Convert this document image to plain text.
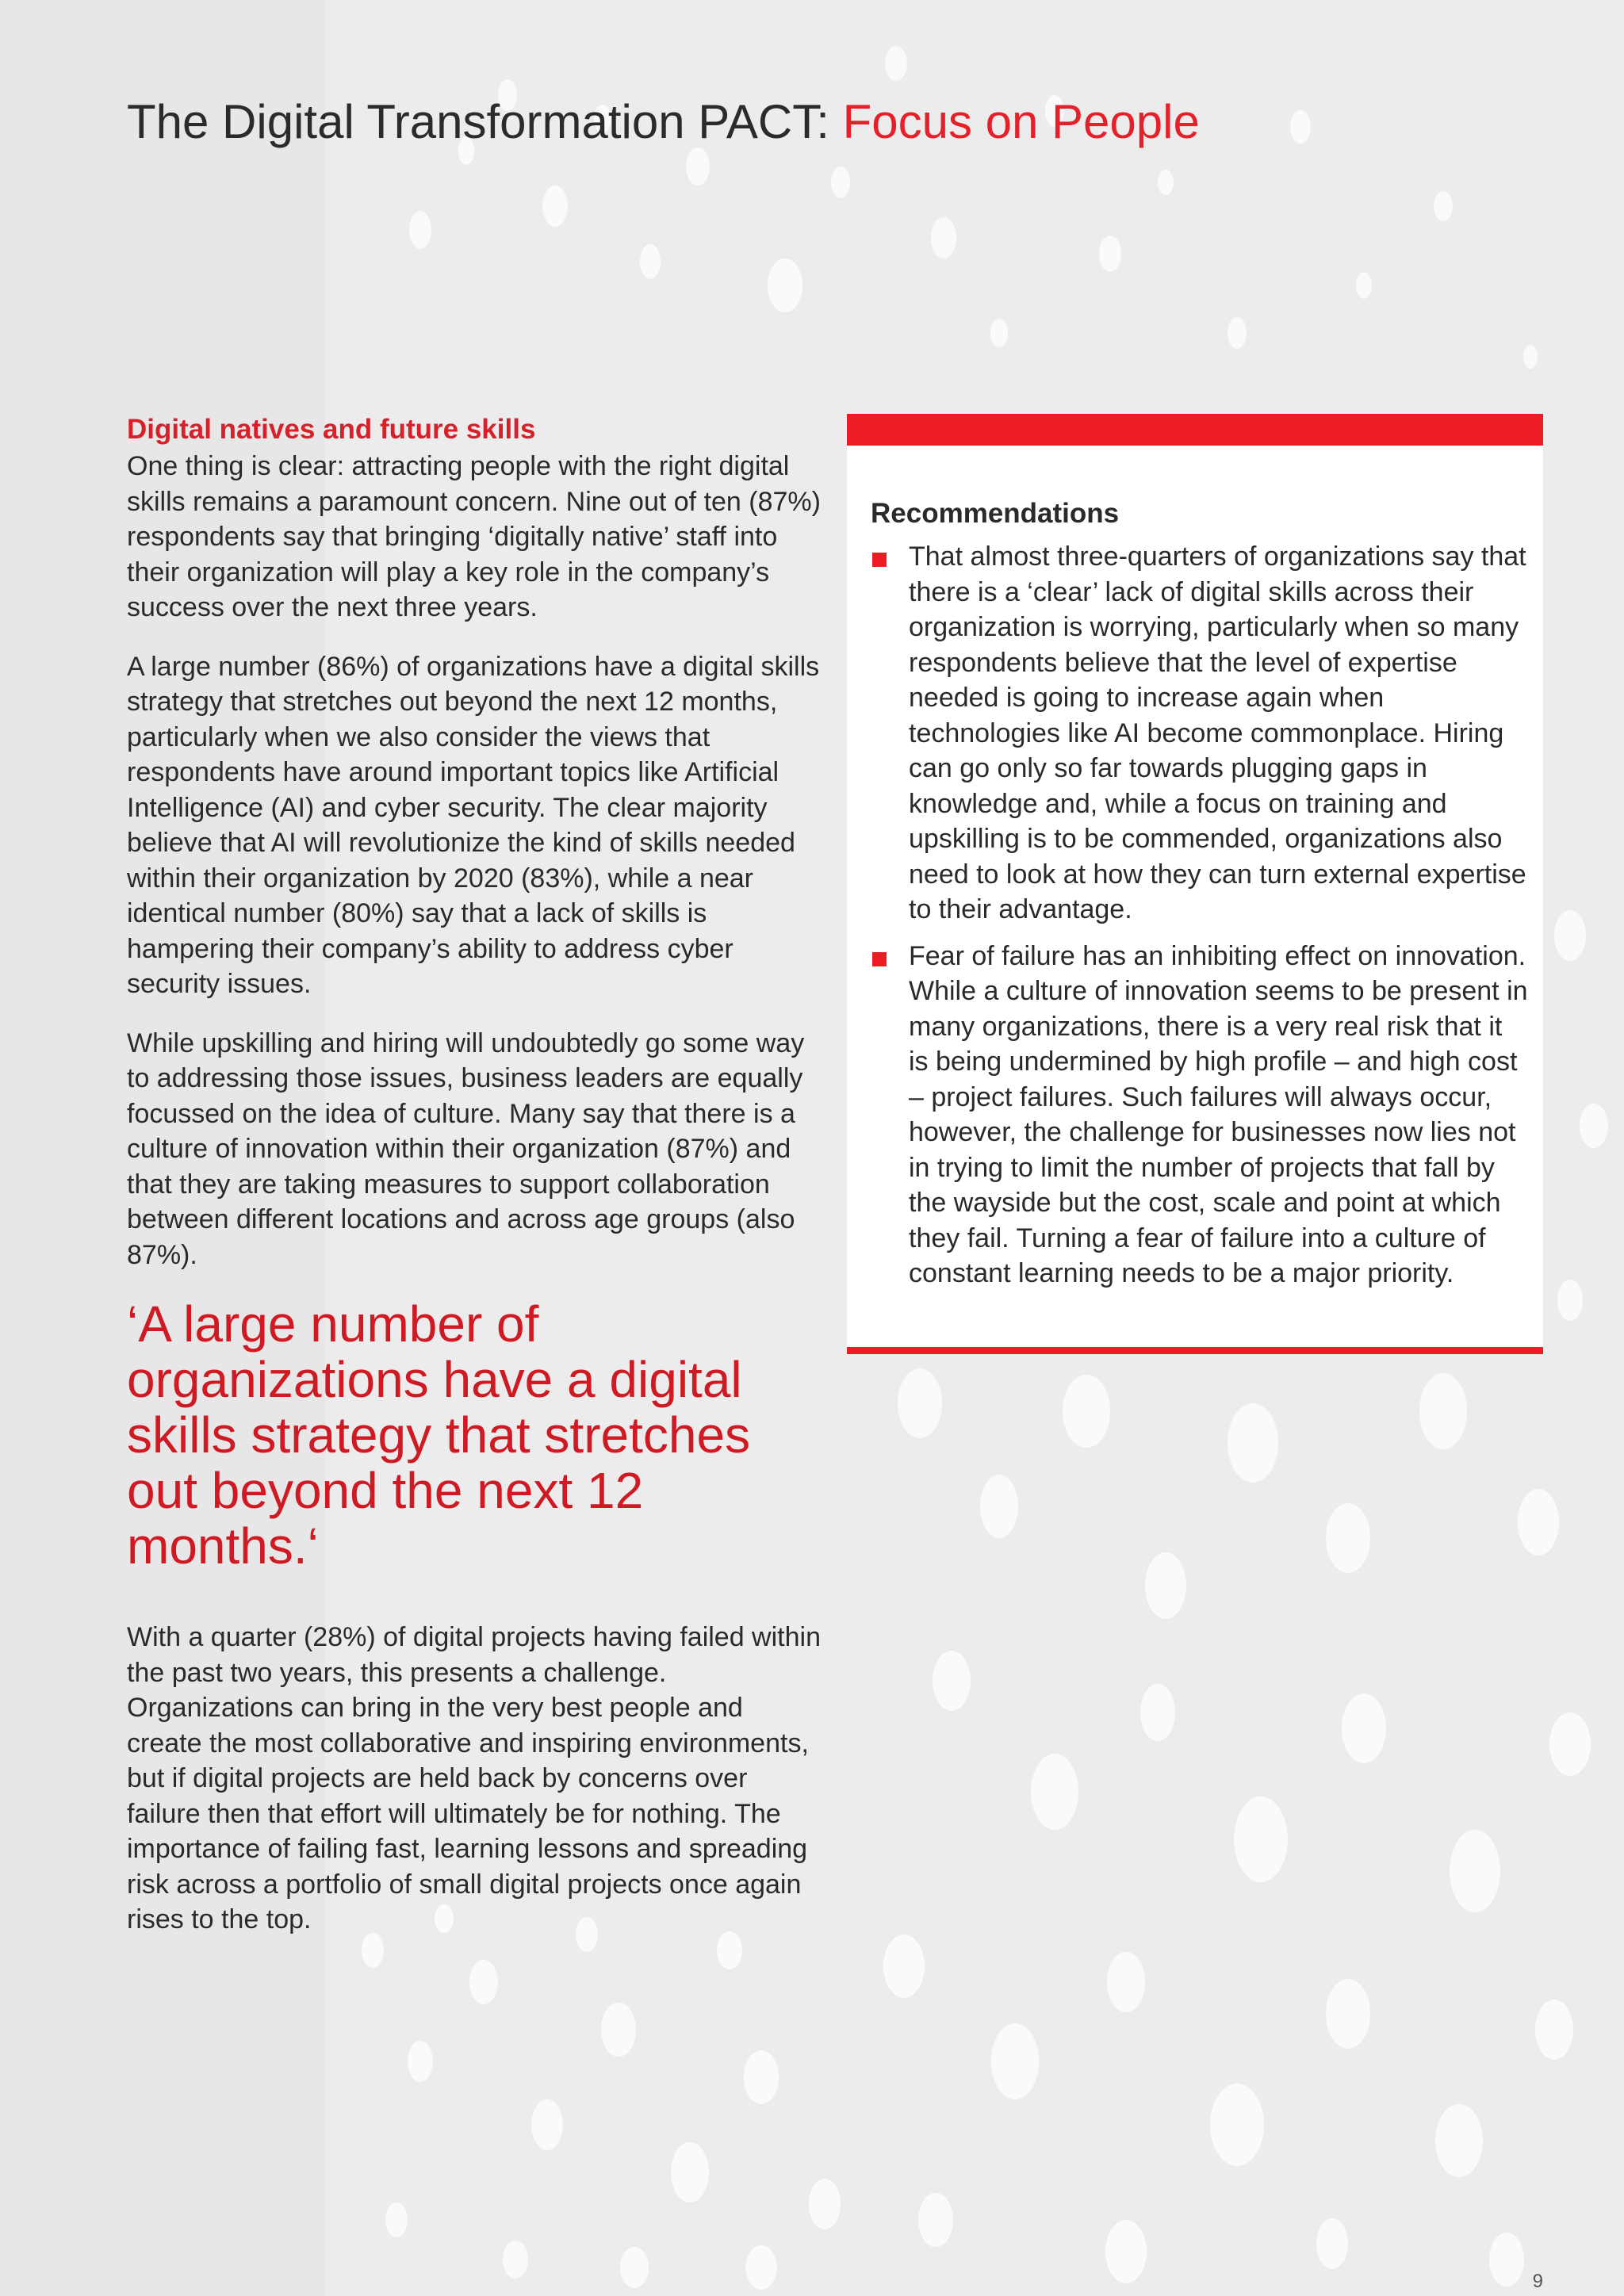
The Digital Transformation PACT: Focus on People
Digital natives and future skills

One thing is clear: attracting people with the right digital skills remains a paramount concern. Nine out of ten (87%) respondents say that bringing ‘digitally native’ staff into their organization will play a key role in the company’s success over the next three years.

A large number (86%) of organizations have a digital skills strategy that stretches out beyond the next 12 months, particularly when we also consider the views that respondents have around important topics like Artificial Intelligence (AI) and cyber security. The clear majority believe that AI will revolutionize the kind of skills needed within their organization by 2020 (83%), while a near identical number (80%) say that a lack of skills is hampering their company’s ability to address cyber security issues.

While upskilling and hiring will undoubtedly go some way to addressing those issues, business leaders are equally focussed on the idea of culture. Many say that there is a culture of innovation within their organization (87%) and that they are taking measures to support collaboration between different locations and across age groups (also 87%).

‘A large number of organizations have a digital skills strategy that stretches out beyond the next 12 months.‘

With a quarter (28%) of digital projects having failed within the past two years, this presents a challenge. Organizations can bring in the very best people and create the most collaborative and inspiring environments, but if digital projects are held back by concerns over failure then that effort will ultimately be for nothing. The importance of failing fast, learning lessons and spreading risk across a portfolio of small digital projects once again rises to the top.

Recommendations
That almost three-quarters of organizations say that there is a ‘clear’ lack of digital skills across their organization is worrying, particularly when so many respondents believe that the level of expertise needed is going to increase again when technologies like AI become commonplace. Hiring can go only so far towards plugging gaps in knowledge and, while a focus on training and upskilling is to be commended, organizations also need to look at how they can turn external expertise to their advantage.
Fear of failure has an inhibiting effect on innovation. While a culture of innovation seems to be present in many organizations, there is a very real risk that it is being undermined by high profile – and high cost – project failures. Such failures will always occur, however, the challenge for businesses now lies not in trying to limit the number of projects that fall by the wayside but the cost, scale and point at which they fail. Turning a fear of failure into a culture of constant learning needs to be a major priority.
9
